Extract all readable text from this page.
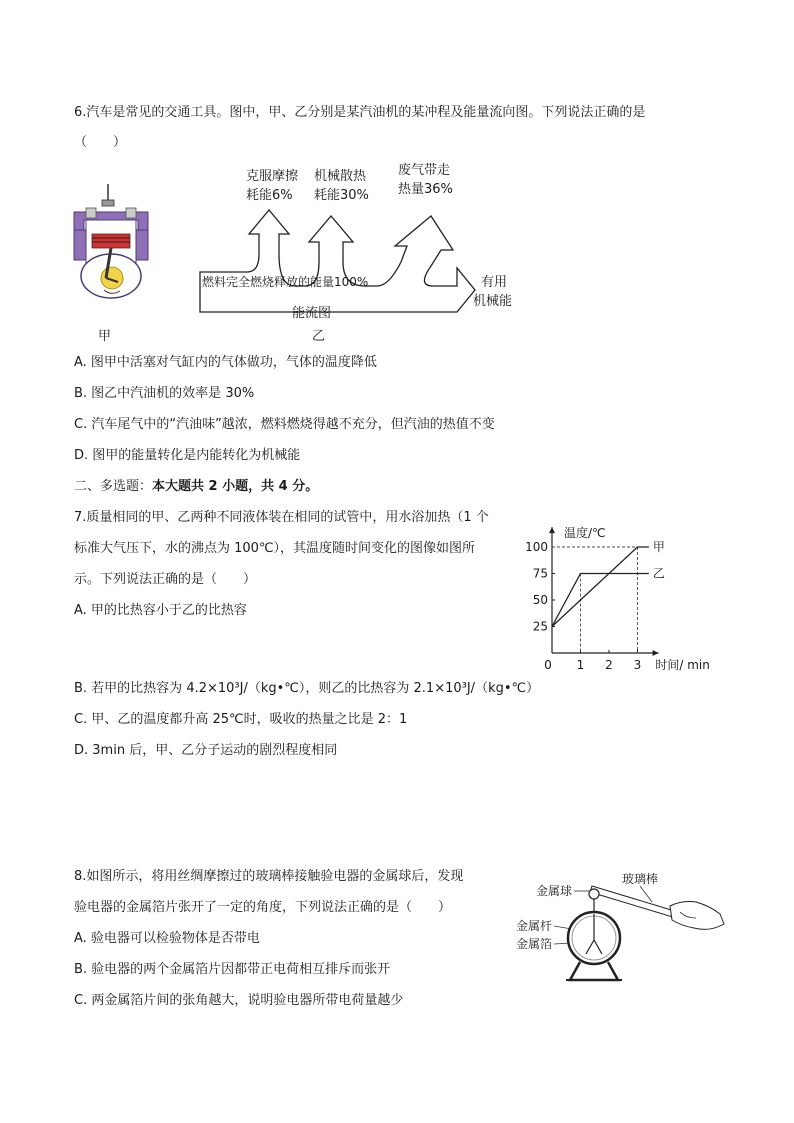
6.汽车是常见的交通工具。图中，甲、乙分别是某汽油机的某冲程及能量流向图。下列说法正确的是
（　　）
甲
克服摩擦
耗能6%
机械散热
耗能30%
废气带走
热量36%
燃料完全燃烧释放的能量100%	有用
机械能
能流图
乙
A. 图甲中活塞对气缸内的气体做功，气体的温度降低
B. 图乙中汽油机的效率是 30%
C. 汽车尾气中的“汽油味”越浓，燃料燃烧得越不充分，但汽油的热值不变
D. 图甲的能量转化是内能转化为机械能
二、多选题：本大题共 2 小题，共 4 分。
7.质量相同的甲、乙两种不同液体装在相同的试管中，用水浴加热（1 个
标准大气压下，水的沸点为 100℃），其温度随时间变化的图像如图所
示。下列说法正确的是（　　）
A. 甲的比热容小于乙的比热容
温度/℃
时间/ min
0 1 2 3
25
50
75
100	甲
乙
B. 若甲的比热容为 4.2×10³J/（kg•℃），则乙的比热容为 2.1×10³J/（kg•℃）
C. 甲、乙的温度都升高 25℃时，吸收的热量之比是 2：1
D. 3min 后，甲、乙分子运动的剧烈程度相同
8.如图所示，将用丝绸摩擦过的玻璃棒接触验电器的金属球后，发现
验电器的金属箔片张开了一定的角度，下列说法正确的是（　　）
A. 验电器可以检验物体是否带电
B. 验电器的两个金属箔片因都带正电荷相互排斥而张开
C. 两金属箔片间的张角越大，说明验电器所带电荷量越少
金属球
玻璃棒
金属杆
金属箔
